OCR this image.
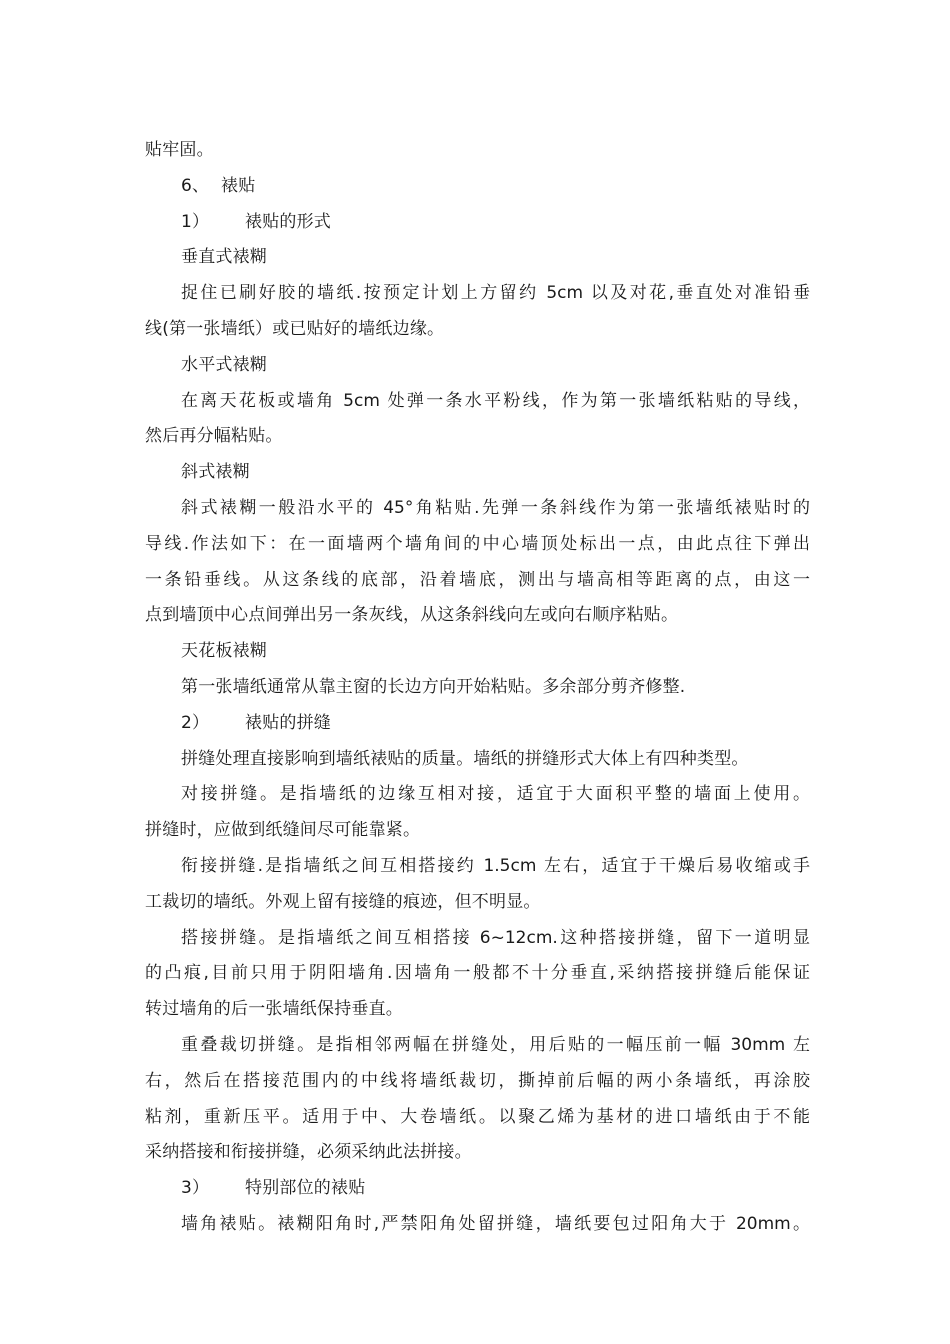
贴牢固。
6、 裱贴
1） 裱贴的形式
垂直式裱糊
捉住已刷好胶的墙纸.按预定计划上方留约 5cm 以及对花,垂直处对准铅垂
线(第一张墙纸）或已贴好的墙纸边缘。
水平式裱糊
在离天花板或墙角 5cm 处弹一条水平粉线，作为第一张墙纸粘贴的导线，
然后再分幅粘贴。
斜式裱糊
斜式裱糊一般沿水平的 45°角粘贴.先弹一条斜线作为第一张墙纸裱贴时的
导线.作法如下：在一面墙两个墙角间的中心墙顶处标出一点，由此点往下弹出
一条铅垂线。从这条线的底部，沿着墙底，测出与墙高相等距离的点，由这一
点到墙顶中心点间弹出另一条灰线，从这条斜线向左或向右顺序粘贴。
天花板裱糊
第一张墙纸通常从靠主窗的长边方向开始粘贴。多余部分剪齐修整.
2） 裱贴的拼缝
拼缝处理直接影响到墙纸裱贴的质量。墙纸的拼缝形式大体上有四种类型。
对接拼缝。是指墙纸的边缘互相对接，适宜于大面积平整的墙面上使用。
拼缝时，应做到纸缝间尽可能靠紧。
衔接拼缝.是指墙纸之间互相搭接约 1.5cm 左右，适宜于干燥后易收缩或手
工裁切的墙纸。外观上留有接缝的痕迹，但不明显。
搭接拼缝。是指墙纸之间互相搭接 6~12cm.这种搭接拼缝，留下一道明显
的凸痕,目前只用于阴阳墙角.因墙角一般都不十分垂直,采纳搭接拼缝后能保证
转过墙角的后一张墙纸保持垂直。
重叠裁切拼缝。是指相邻两幅在拼缝处，用后贴的一幅压前一幅 30mm 左
右，然后在搭接范围内的中线将墙纸裁切，撕掉前后幅的两小条墙纸，再涂胶
粘剂，重新压平。适用于中、大卷墙纸。以聚乙烯为基材的进口墙纸由于不能
采纳搭接和衔接拼缝，必须采纳此法拼接。
3） 特别部位的裱贴
墙角裱贴。裱糊阳角时,严禁阳角处留拼缝，墙纸要包过阳角大于 20mm。
